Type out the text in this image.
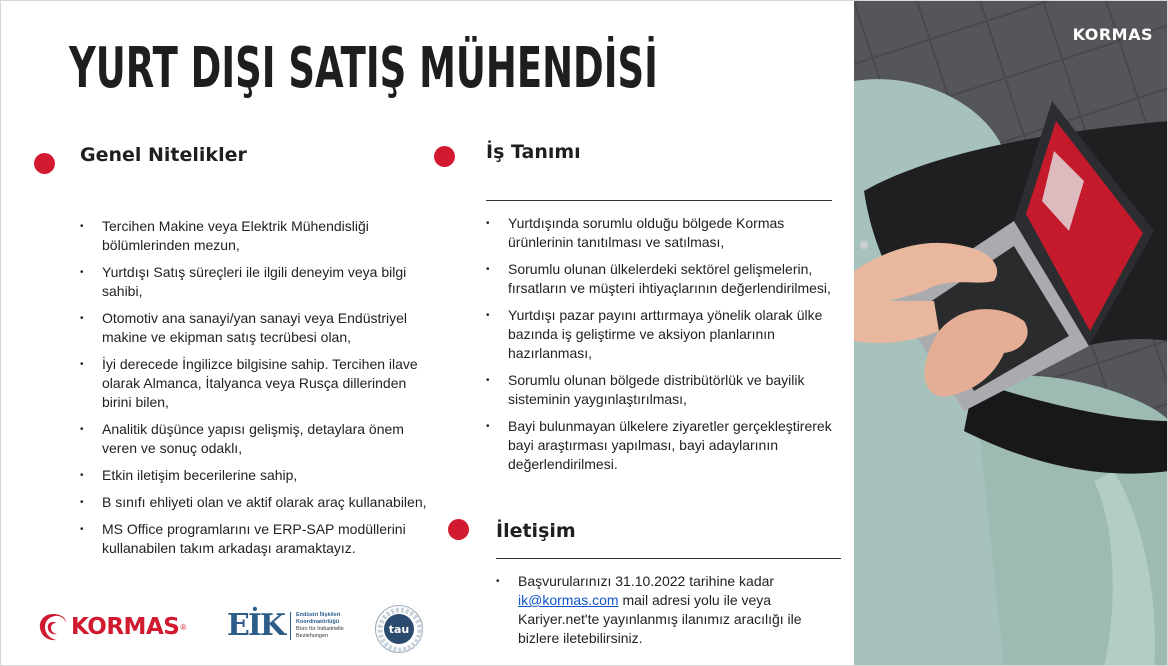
YURT DIŞI SATIŞ MÜHENDİSİ
Genel Nitelikler
• Tercihen Makine veya Elektrik Mühendisliği bölümlerinden mezun,
• Yurtdışı Satış süreçleri ile ilgili deneyim veya bilgi sahibi,
• Otomotiv ana sanayi/yan sanayi veya Endüstriyel makine ve ekipman satış tecrübesi olan,
• İyi derecede İngilizce bilgisine sahip. Tercihen ilave olarak Almanca, İtalyanca veya Rusça dillerinden birini bilen,
• Analitik düşünce yapısı gelişmiş, detaylara önem veren ve sonuç odaklı,
• Etkin iletişim becerilerine sahip,
• B sınıfı ehliyeti olan ve aktif olarak araç kullanabilen,
• MS Office programlarını ve ERP-SAP modüllerini kullanabilen takım arkadaşı aramaktayız.
İş Tanımı
• Yurtdışında sorumlu olduğu bölgede Kormas ürünlerinin tanıtılması ve satılması,
• Sorumlu olunan ülkelerdeki sektörel gelişmelerin, fırsatların ve müşteri ihtiyaçlarının değerlendirilmesi,
• Yurtdışı pazar payını arttırmaya yönelik olarak ülke bazında iş geliştirme ve aksiyon planlarının hazırlanması,
• Sorumlu olunan bölgede distribütörlük ve bayilik sisteminin yaygınlaştırılması,
• Bayi bulunmayan ülkelere ziyaretler gerçekleştirerek bayi araştırması yapılması, bayi adaylarının değerlendirilmesi.
İletişim
• Başvurularınızı 31.10.2022 tarihine kadar ik@kormas.com mail adresi yolu ile veya Kariyer.net'te yayınlanmış ilanımız aracılığı ile bizlere iletebilirsiniz.
KORMAS ® EİK Endüstri İlişkileri
Koordinatörlüğü
Büro für Industrielle
Beziehungen	tau
KORMAS
